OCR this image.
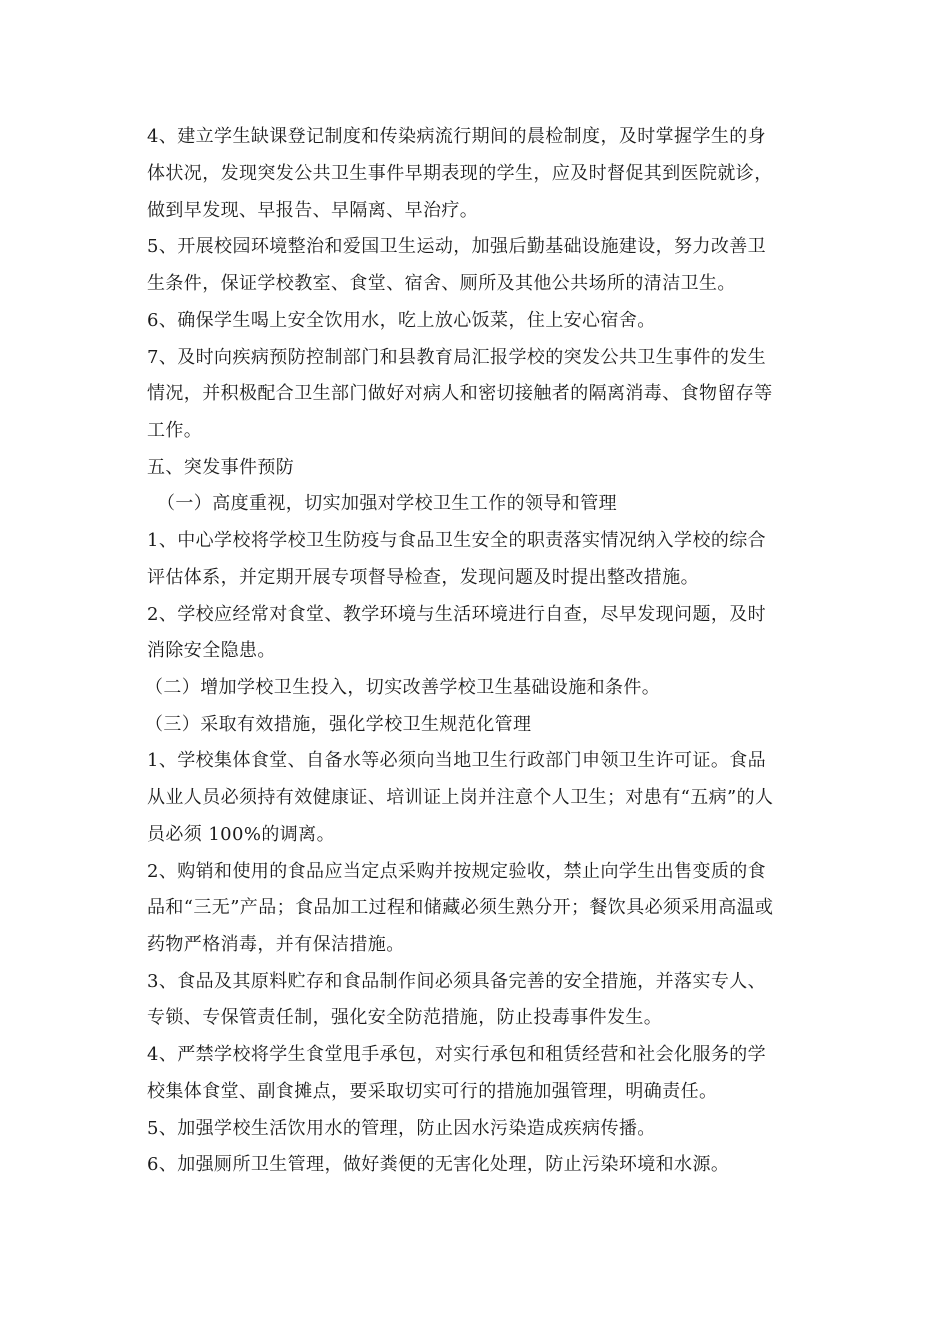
4、建立学生缺课登记制度和传染病流行期间的晨检制度，及时掌握学生的身
体状况，发现突发公共卫生事件早期表现的学生，应及时督促其到医院就诊，
做到早发现、早报告、早隔离、早治疗。
5、开展校园环境整治和爱国卫生运动，加强后勤基础设施建设，努力改善卫
生条件，保证学校教室、食堂、宿舍、厕所及其他公共场所的清洁卫生。
6、确保学生喝上安全饮用水，吃上放心饭菜，住上安心宿舍。
7、及时向疾病预防控制部门和县教育局汇报学校的突发公共卫生事件的发生
情况，并积极配合卫生部门做好对病人和密切接触者的隔离消毒、食物留存等
工作。
五、突发事件预防
（一）高度重视，切实加强对学校卫生工作的领导和管理
1、中心学校将学校卫生防疫与食品卫生安全的职责落实情况纳入学校的综合
评估体系，并定期开展专项督导检查，发现问题及时提出整改措施。
2、学校应经常对食堂、教学环境与生活环境进行自查，尽早发现问题，及时
消除安全隐患。
（二）增加学校卫生投入，切实改善学校卫生基础设施和条件。
（三）采取有效措施，强化学校卫生规范化管理
1、学校集体食堂、自备水等必须向当地卫生行政部门申领卫生许可证。食品
从业人员必须持有效健康证、培训证上岗并注意个人卫生；对患有“五病”的人
员必须 100%的调离。
2、购销和使用的食品应当定点采购并按规定验收，禁止向学生出售变质的食
品和“三无”产品；食品加工过程和储藏必须生熟分开；餐饮具必须采用高温或
药物严格消毒，并有保洁措施。
3、食品及其原料贮存和食品制作间必须具备完善的安全措施，并落实专人、
专锁、专保管责任制，强化安全防范措施，防止投毒事件发生。
4、严禁学校将学生食堂甩手承包，对实行承包和租赁经营和社会化服务的学
校集体食堂、副食摊点，要采取切实可行的措施加强管理，明确责任。
5、加强学校生活饮用水的管理，防止因水污染造成疾病传播。
6、加强厕所卫生管理，做好粪便的无害化处理，防止污染环境和水源。
